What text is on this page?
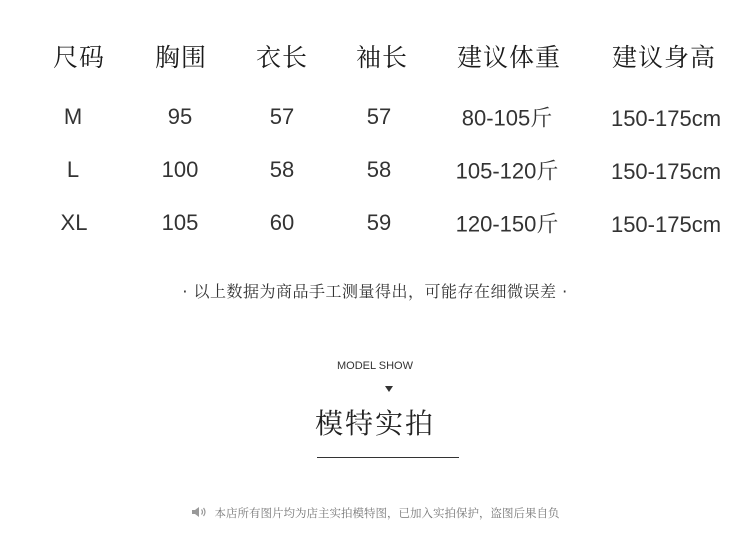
尺码 胸围 衣长 袖长 建议体重 建议身高
M	95	57	57	80-105斤	150-175cm
L	100	58	58	105-120斤 150-175cm
XL	105	60	59	120-150斤 150-175cm
· 以上数据为商品手工测量得出，可能存在细微误差 ·
MODEL SHOW
模特实拍
本店所有图片均为店主实拍模特图，已加入实拍保护，盗图后果自负
